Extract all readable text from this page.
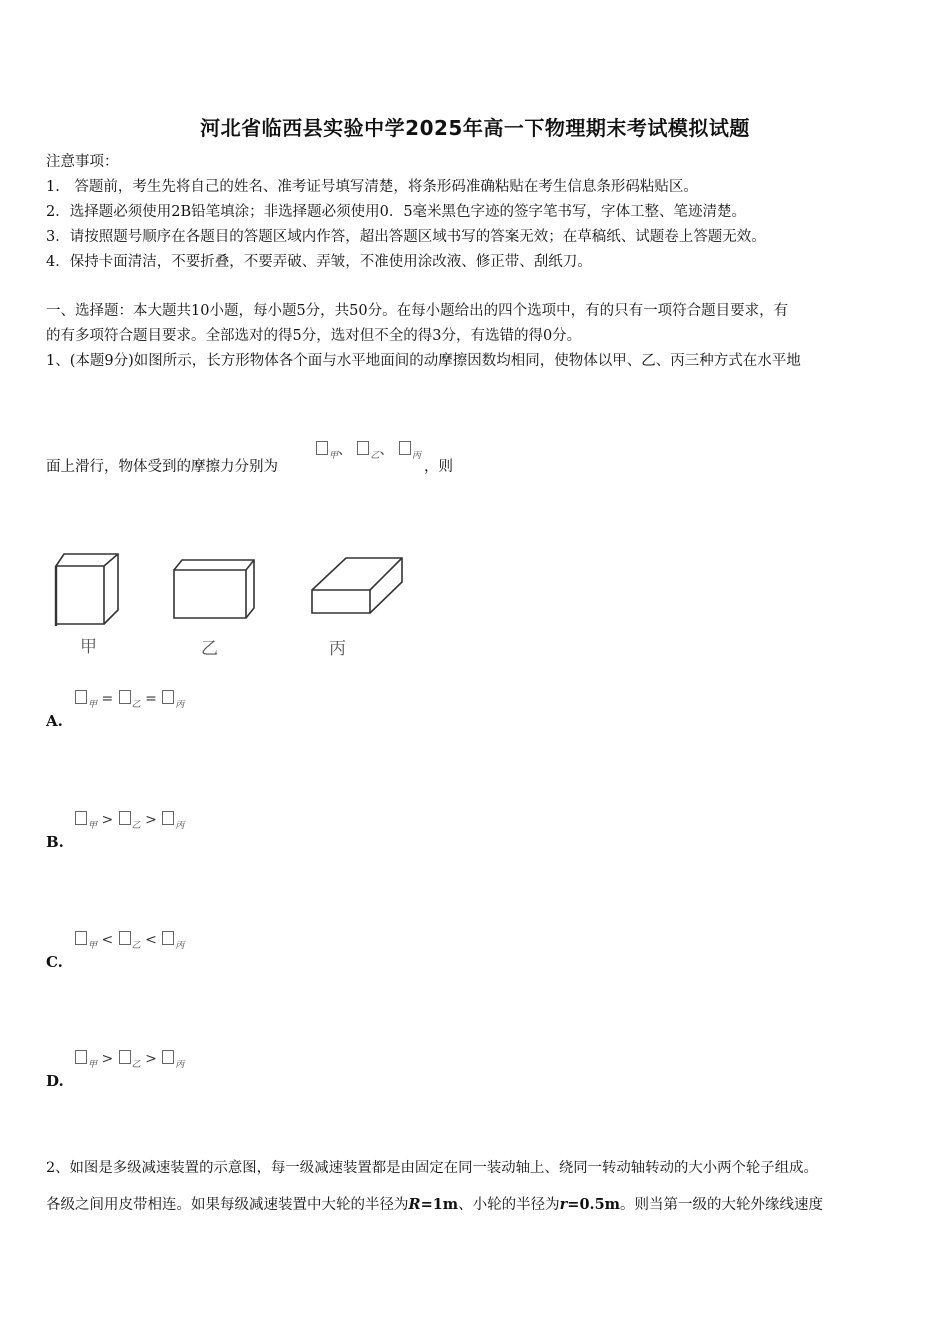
河北省临西县实验中学2025年高一下物理期末考试模拟试题
注意事项：
1.　答题前，考生先将自己的姓名、准考证号填写清楚，将条形码准确粘贴在考生信息条形码粘贴区。
2．选择题必须使用2B铅笔填涂；非选择题必须使用0．5毫米黑色字迹的签字笔书写，字体工整、笔迹清楚。
3．请按照题号顺序在各题目的答题区域内作答，超出答题区域书写的答案无效；在草稿纸、试题卷上答题无效。
4．保持卡面清洁，不要折叠，不要弄破、弄皱，不准使用涂改液、修正带、刮纸刀。
一、选择题：本大题共10小题，每小题5分，共50分。在每小题给出的四个选项中，有的只有一项符合题目要求，有
的有多项符合题目要求。全部选对的得5分，选对但不全的得3分，有选错的得0分。
1、(本题9分)如图所示，长方形物体各个面与水平地面间的动摩擦因数均相同，使物体以甲、乙、丙三种方式在水平地
面上滑行，物体受到的摩擦力分别为
$_甲$、 $_乙$、 $_丙$
，则
甲	乙	丙
$_甲$ = $_乙$ = $_丙$
A.
$_甲$ > $_乙$ > $_丙$
B.
$_甲$ < $_乙$ < $_丙$
C.
$_甲$ > $_乙$ > $_丙$
D.
2、如图是多级减速装置的示意图，每一级减速装置都是由固定在同一装动轴上、绕同一转动轴转动的大小两个轮子组成。
各级之间用皮带相连。如果每级减速装置中大轮的半径为R=1m、小轮的半径为r=0.5m。则当第一级的大轮外缘线速度
